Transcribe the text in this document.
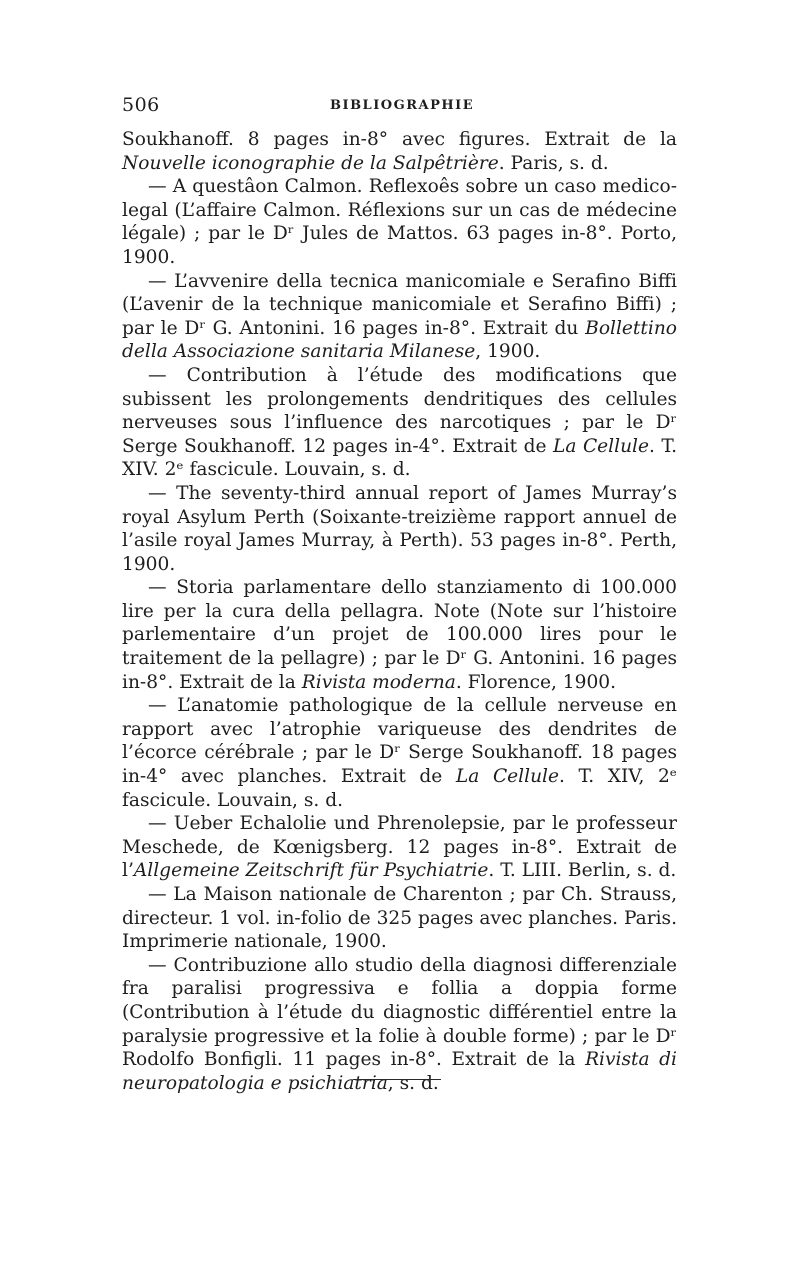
506	BIBLIOGRAPHIE

Soukhanoff. 8 pages in-8° avec figures. Extrait de la Nouvelle iconographie de la Salpêtrière. Paris, s. d.

— A questâon Calmon. Reflexoês sobre un caso medico-legal (L’affaire Calmon. Réflexions sur un cas de médecine légale) ; par le Dʳ Jules de Mattos. 63 pages in-8°. Porto, 1900.

— L’avvenire della tecnica manicomiale e Serafino Biffi (L’avenir de la technique manicomiale et Serafino Biffi) ; par le Dʳ G. Antonini. 16 pages in-8°. Extrait du Bollettino della Associazione sanitaria Milanese, 1900.

— Contribution à l’étude des modifications que subissent les prolongements dendritiques des cellules nerveuses sous l’influence des narcotiques ; par le Dʳ Serge Soukhanoff. 12 pages in-4°. Extrait de La Cellule. T. XIV. 2ᵉ fascicule. Louvain, s. d.

— The seventy-third annual report of James Murray’s royal Asylum Perth (Soixante-treizième rapport annuel de l’asile royal James Murray, à Perth). 53 pages in-8°. Perth, 1900.

— Storia parlamentare dello stanziamento di 100.000 lire per la cura della pellagra. Note (Note sur l’histoire parlementaire d’un projet de 100.000 lires pour le traitement de la pellagre) ; par le Dʳ G. Antonini. 16 pages in-8°. Extrait de la Rivista moderna. Florence, 1900.

— L’anatomie pathologique de la cellule nerveuse en rapport avec l’atrophie variqueuse des dendrites de l’écorce cérébrale ; par le Dʳ Serge Soukhanoff. 18 pages in-4° avec planches. Extrait de La Cellule. T. XIV, 2ᵉ fascicule. Louvain, s. d.

— Ueber Echalolie und Phrenolepsie, par le professeur Meschede, de Kœnigsberg. 12 pages in-8°. Extrait de l’Allgemeine Zeitschrift für Psychiatrie. T. LIII. Berlin, s. d.

— La Maison nationale de Charenton ; par Ch. Strauss, directeur. 1 vol. in-folio de 325 pages avec planches. Paris. Imprimerie nationale, 1900.

— Contribuzione allo studio della diagnosi differenziale fra paralisi progressiva e follia a doppia forme (Contribution à l’étude du diagnostic différentiel entre la paralysie progressive et la folie à double forme) ; par le Dʳ Rodolfo Bonfigli. 11 pages in-8°. Extrait de la Rivista di neuropatologia e psichiatria, s. d.
